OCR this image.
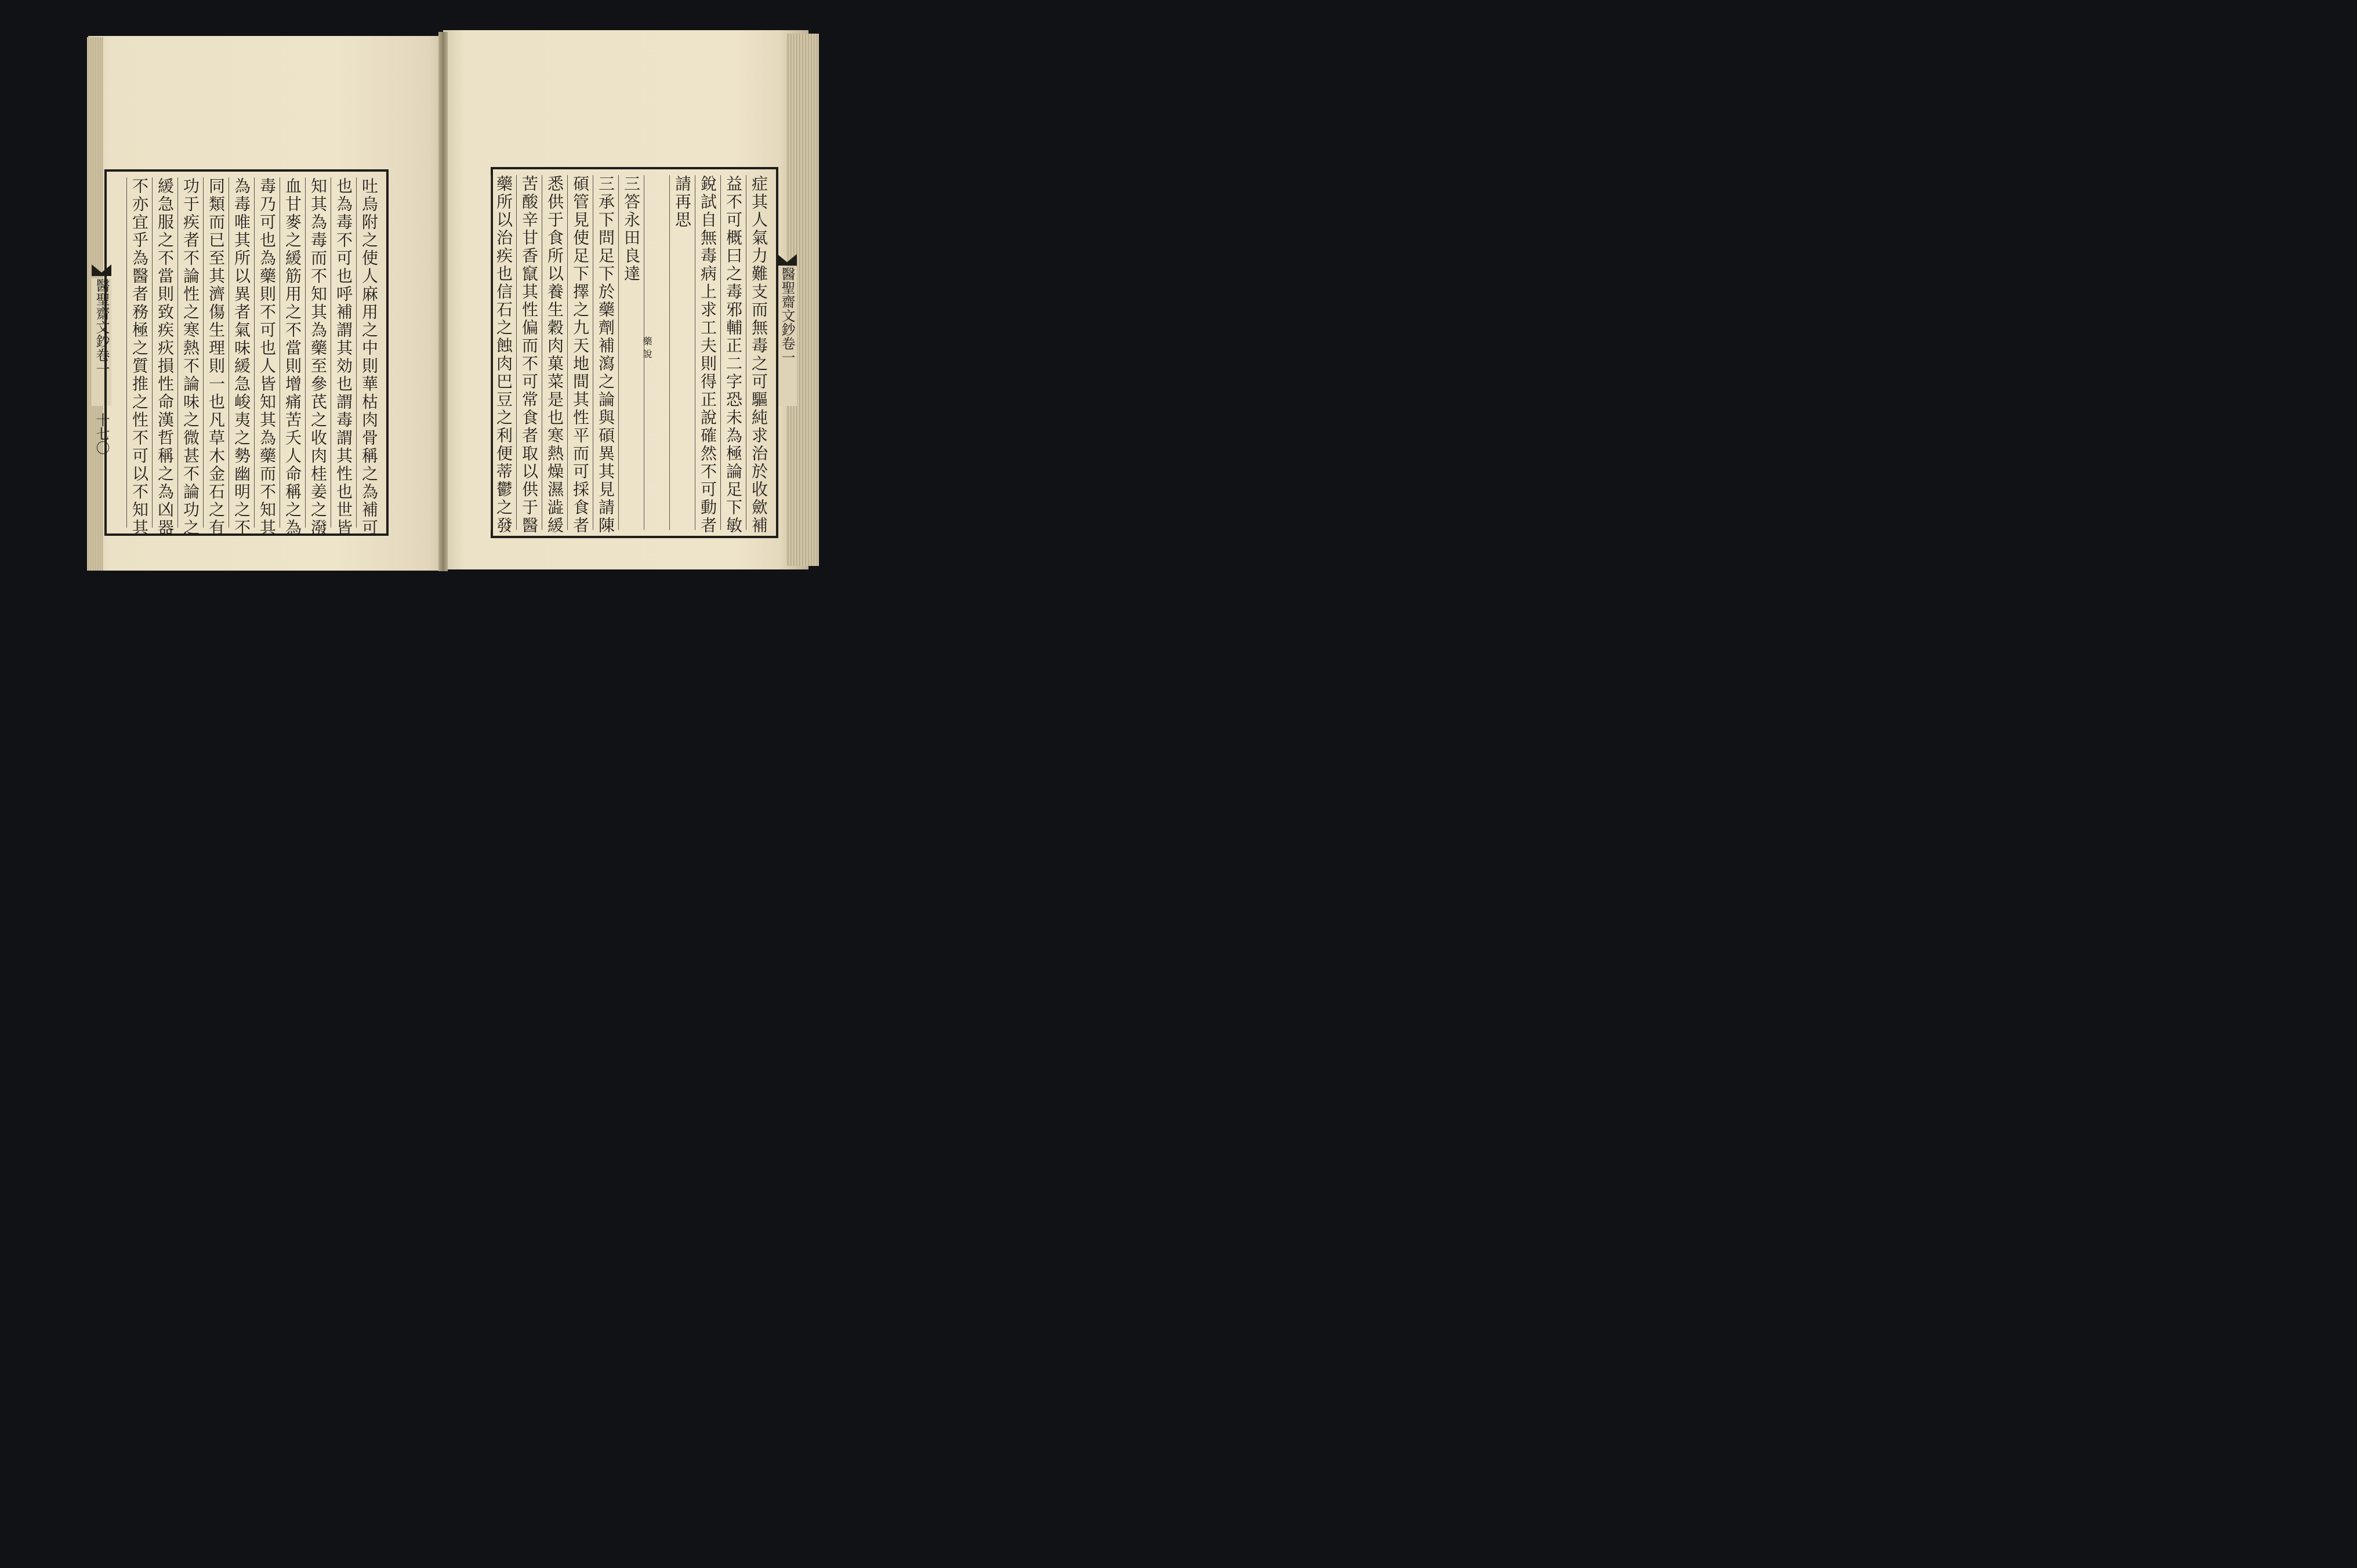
醫聖齋文鈔卷一
十七〇	吐烏附之使人麻用之中則華枯肉骨稱之為補可
也為毒不可也呼補謂其効也謂毒謂其性也世皆
知其為毒而不知其為藥至參芪之收肉桂姜之潑
血甘麥之緩筋用之不當則增痛苦夭人命稱之為
毒乃可也為藥則不可也人皆知其為藥而不知其
為毒唯其所以異者氣味緩急峻夷之勢幽明之不
同類而已至其濟傷生理則一也凡草木金石之有
功于疾者不論性之寒熱不論味之微甚不論功之
緩急服之不當則致疾疢損性命漢哲稱之為凶器
不亦宜乎為醫者務極之質推之性不可以不知其	醫聖齋文鈔卷一
症其人氣力難支而無毒之可驅純求治於收歛補
益不可概曰之毒邪輔正二字恐未為極論足下敏
銳試自無毒病上求工夫則得正說確然不可動者
請再思
三答永田良達
三承下問足下於藥劑補瀉之論與碩異其見請陳
碩管見使足下擇之九天地間其性平而可採食者
悉供于食所以養生穀肉菓菜是也寒熱燥濕澁緩
苦酸辛甘香竄其性偏而不可常食者取以供于醫
藥所以治疾也信石之蝕肉巴豆之利便蒂鬱之發	藥說
